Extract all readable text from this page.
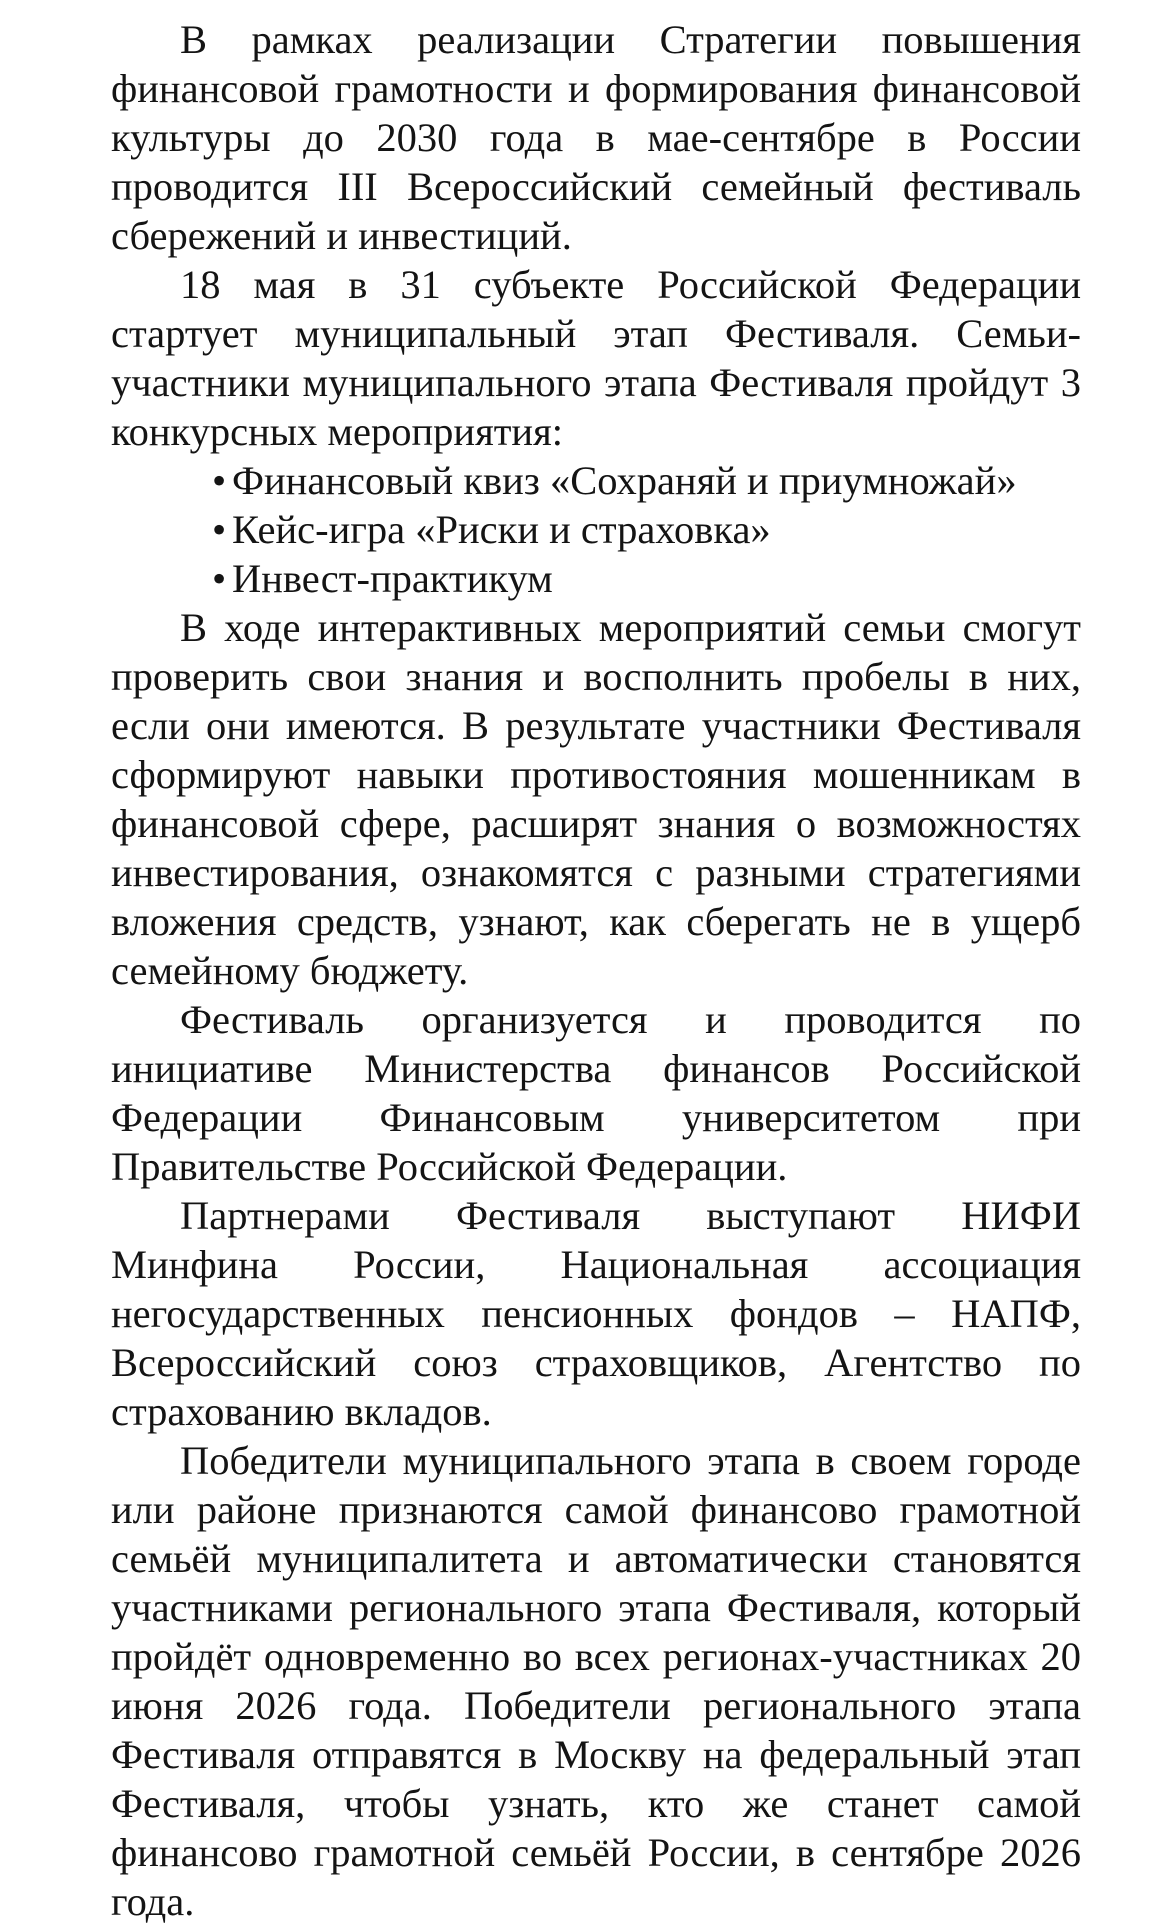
В рамках реализации Стратегии повышения финансовой грамотности и формирования финансовой культуры до 2030 года в мае-сентябре в России проводится III Всероссийский семейный фестиваль сбережений и инвестиций.

18 мая в 31 субъекте Российской Федерации стартует муниципальный этап Фестиваля. Семьи-участники муниципального этапа Фестиваля пройдут 3 конкурсных мероприятия:

• Финансовый квиз «Сохраняй и приумножай»
• Кейс-игра «Риски и страховка»
• Инвест-практикум

В ходе интерактивных мероприятий семьи смогут проверить свои знания и восполнить пробелы в них, если они имеются. В результате участники Фестиваля сформируют навыки противостояния мошенникам в финансовой сфере, расширят знания о возможностях инвестирования, ознакомятся с разными стратегиями вложения средств, узнают, как сберегать не в ущерб семейному бюджету.

Фестиваль организуется и проводится по инициативе Министерства финансов Российской Федерации Финансовым университетом при Правительстве Российской Федерации.

Партнерами Фестиваля выступают НИФИ Минфина России, Национальная ассоциация негосударственных пенсионных фондов – НАПФ, Всероссийский союз страховщиков, Агентство по страхованию вкладов.

Победители муниципального этапа в своем городе или районе признаются самой финансово грамотной семьёй муниципалитета и автоматически становятся участниками регионального этапа Фестиваля, который пройдёт одновременно во всех регионах-участниках 20 июня 2026 года. Победители регионального этапа Фестиваля отправятся в Москву на федеральный этап Фестиваля, чтобы узнать, кто же станет самой финансово грамотной семьёй России, в сентябре 2026 года.
